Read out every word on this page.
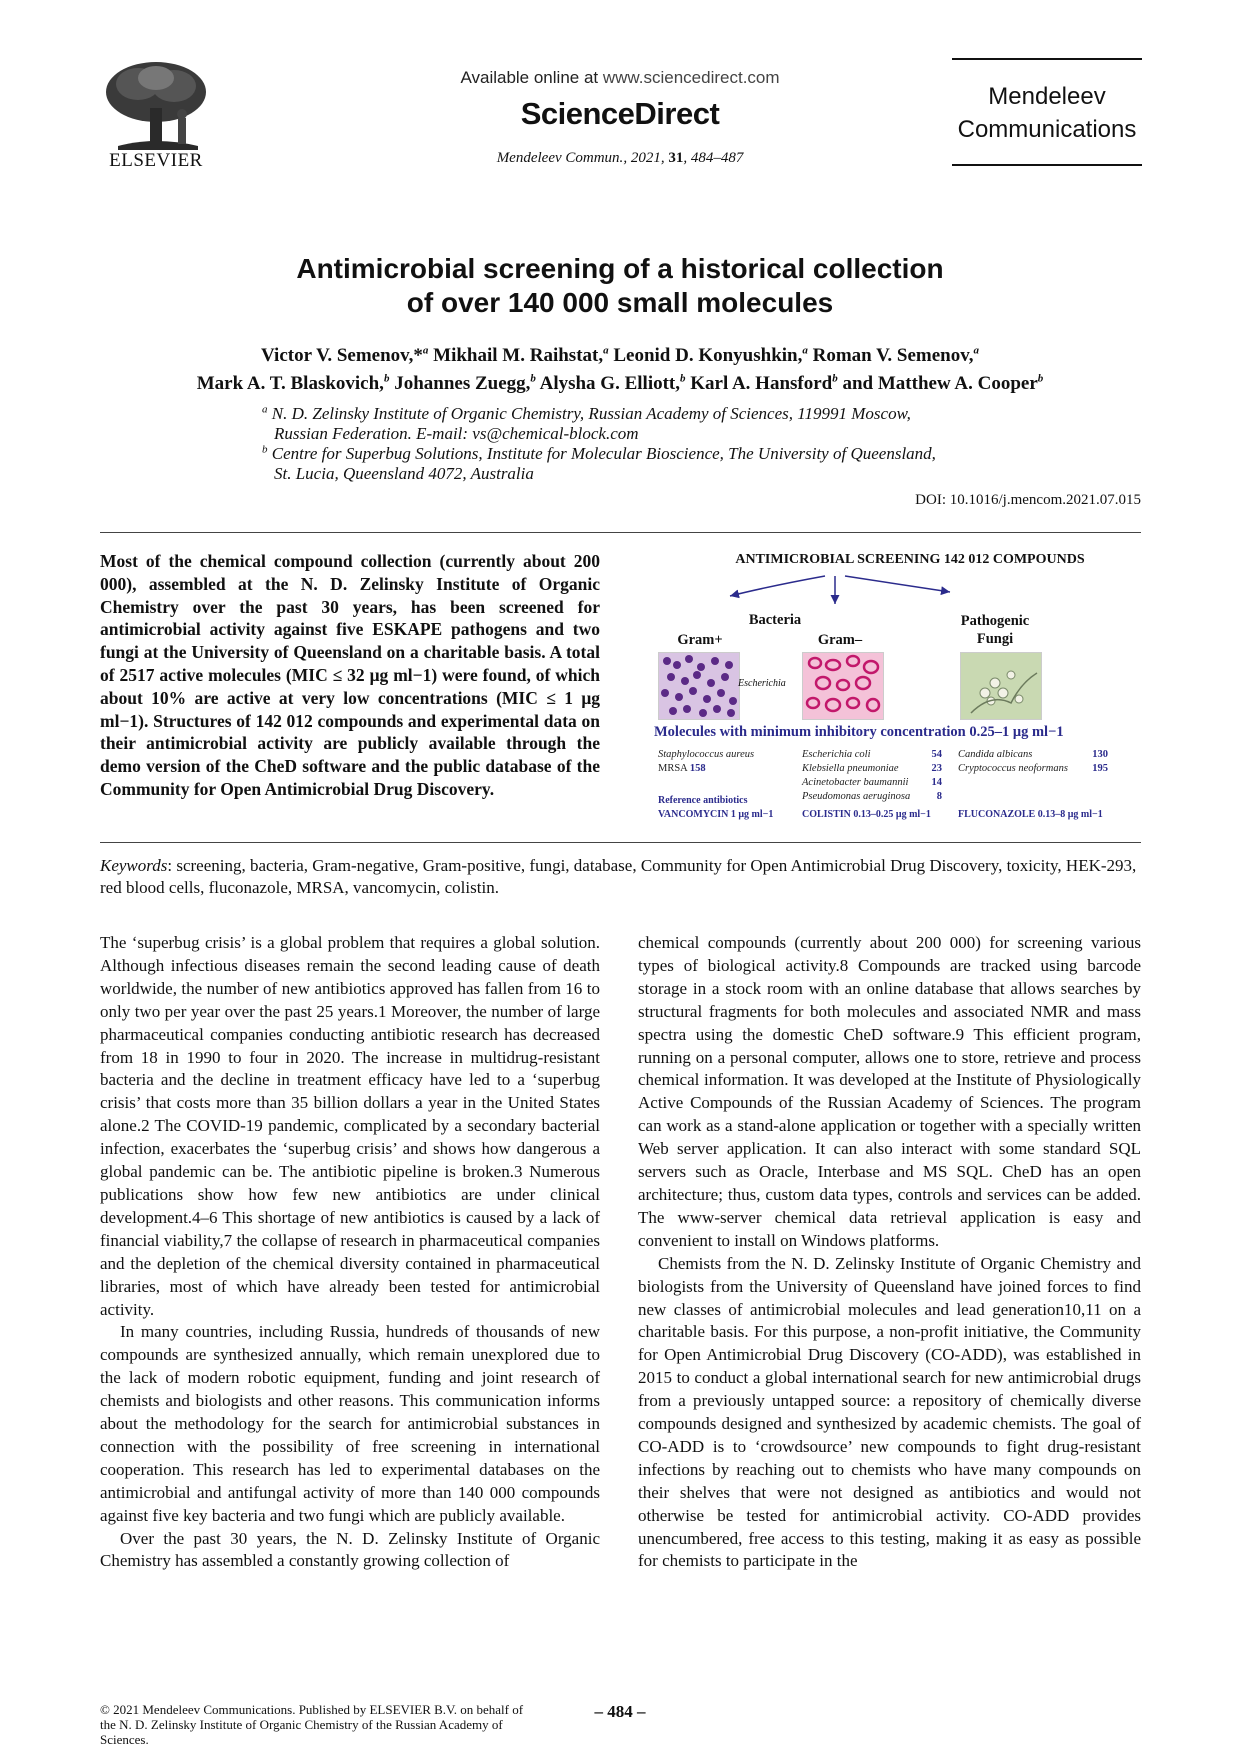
ELSEVIER
Available online at www.sciencedirect.com
ScienceDirect
Mendeleev Commun., 2021, 31, 484–487
Mendeleev
Communications
Antimicrobial screening of a historical collection
of over 140 000 small molecules
Victor V. Semenov,*$^a$ Mikhail M. Raihstat,$^a$ Leonid D. Konyushkin,$^a$ Roman V. Semenov,$^a$
Mark A. T. Blaskovich,$^b$ Johannes Zuegg,$^b$ Alysha G. Elliott,$^b$ Karl A. Hansford$^b$ and Matthew A. Cooper$^b$
$^a$ N. D. Zelinsky Institute of Organic Chemistry, Russian Academy of Sciences, 119991 Moscow,
Russian Federation. E-mail: vs@chemical-block.com
$^b$ Centre for Superbug Solutions, Institute for Molecular Bioscience, The University of Queensland,
St. Lucia, Queensland 4072, Australia
DOI: 10.1016/j.mencom.2021.07.015
Most of the chemical compound collection (currently about 200 000), assembled at the N. D. Zelinsky Institute of Organic Chemistry over the past 30 years, has been screened for antimicrobial activity against five ESKAPE pathogens and two fungi at the University of Queensland on a charitable basis. A total of 2517 active molecules (MIC ≤ 32 μg ml−1) were found, of which about 10% are active at very low concentrations (MIC ≤ 1 μg ml−1). Structures of 142 012 compounds and experimental data on their antimicrobial activity are publicly available through the demo version of the CheD software and the public database of the Community for Open Antimicrobial Drug Discovery.
ANTIMICROBIAL SCREENING 142 012 COMPOUNDS
Bacteria
Gram+	Gram–
Pathogenic
Fungi
Escherichia
Molecules with minimum inhibitory concentration 0.25–1 μg ml−1
Staphylococcus aureus
MRSA 158
Escherichia coli	54
Klebsiella pneumoniae	23
Acinetobacter baumannii 14
Pseudomonas aeruginosa	8
Candida albicans	130
Cryptococcus neoformans 195
Reference antibiotics
VANCOMYCIN 1 μg ml−1	COLISTIN 0.13–0.25 μg ml−1	FLUCONAZOLE 0.13–8 μg ml−1
Keywords: screening, bacteria, Gram-negative, Gram-positive, fungi, database, Community for Open Antimicrobial Drug Discovery, toxicity, HEK-293, red blood cells, fluconazole, MRSA, vancomycin, colistin.

The ‘superbug crisis’ is a global problem that requires a global solution. Although infectious diseases remain the second leading cause of death worldwide, the number of new antibiotics approved has fallen from 16 to only two per year over the past 25 years.1 Moreover, the number of large pharmaceutical companies conducting antibiotic research has decreased from 18 in 1990 to four in 2020. The increase in multidrug-resistant bacteria and the decline in treatment efficacy have led to a ‘superbug crisis’ that costs more than 35 billion dollars a year in the United States alone.2 The COVID-19 pandemic, complicated by a secondary bacterial infection, exacerbates the ‘superbug crisis’ and shows how dangerous a global pandemic can be. The antibiotic pipeline is broken.3 Numerous publications show how few new antibiotics are under clinical development.4–6 This shortage of new antibiotics is caused by a lack of financial viability,7 the collapse of research in pharmaceutical companies and the depletion of the chemical diversity contained in pharmaceutical libraries, most of which have already been tested for antimicrobial activity.

In many countries, including Russia, hundreds of thousands of new compounds are synthesized annually, which remain unexplored due to the lack of modern robotic equipment, funding and joint research of chemists and biologists and other reasons. This communication informs about the methodology for the search for antimicrobial substances in connection with the possibility of free screening in international cooperation. This research has led to experimental databases on the antimicrobial and antifungal activity of more than 140 000 compounds against five key bacteria and two fungi which are publicly available.

Over the past 30 years, the N. D. Zelinsky Institute of Organic Chemistry has assembled a constantly growing collection of

chemical compounds (currently about 200 000) for screening various types of biological activity.8 Compounds are tracked using barcode storage in a stock room with an online database that allows searches by structural fragments for both molecules and associated NMR and mass spectra using the domestic CheD software.9 This efficient program, running on a personal computer, allows one to store, retrieve and process chemical information. It was developed at the Institute of Physiologically Active Compounds of the Russian Academy of Sciences. The program can work as a stand-alone application or together with a specially written Web server application. It can also interact with some standard SQL servers such as Oracle, Interbase and MS SQL. CheD has an open architecture; thus, custom data types, controls and services can be added. The www-server chemical data retrieval application is easy and convenient to install on Windows platforms.

Chemists from the N. D. Zelinsky Institute of Organic Chemistry and biologists from the University of Queensland have joined forces to find new classes of antimicrobial molecules and lead generation10,11 on a charitable basis. For this purpose, a non-profit initiative, the Community for Open Antimicrobial Drug Discovery (CO-ADD), was established in 2015 to conduct a global international search for new antimicrobial drugs from a previously untapped source: a repository of chemically diverse compounds designed and synthesized by academic chemists. The goal of CO-ADD is to ‘crowdsource’ new compounds to fight drug-resistant infections by reaching out to chemists who have many compounds on their shelves that were not designed as antibiotics and would not otherwise be tested for antimicrobial activity. CO-ADD provides unencumbered, free access to this testing, making it as easy as possible for chemists to participate in the

© 2021 Mendeleev Communications. Published by ELSEVIER B.V. on behalf of the N. D. Zelinsky Institute of Organic Chemistry of the Russian Academy of Sciences.
– 484 –
